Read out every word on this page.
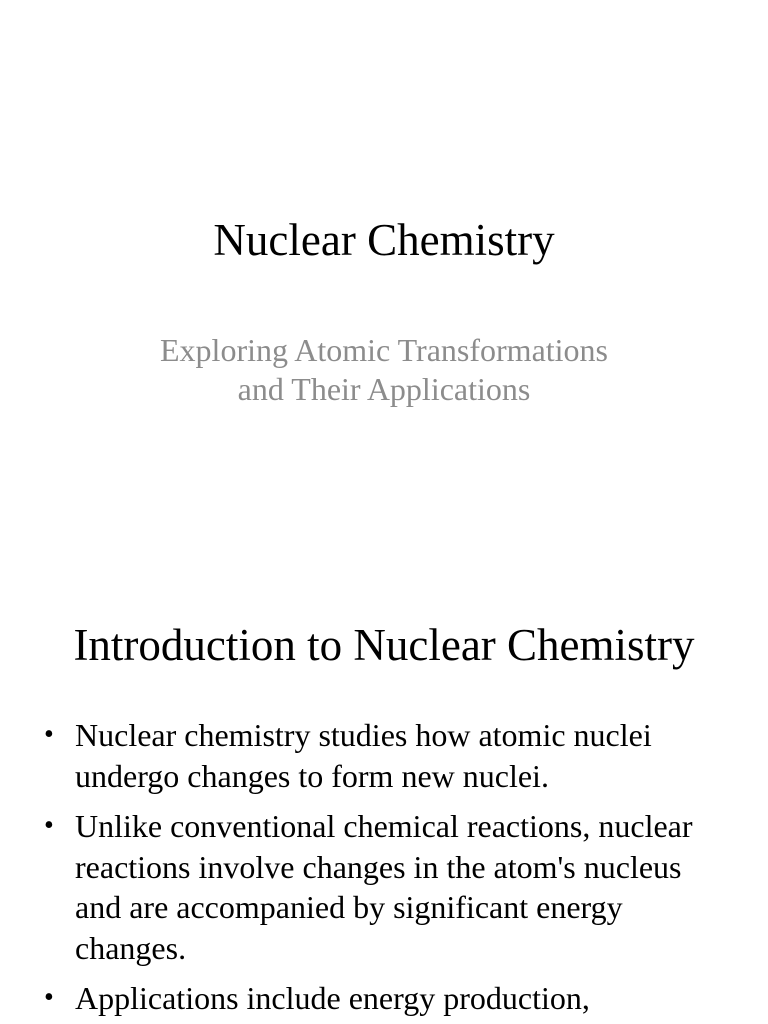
Nuclear Chemistry
Exploring Atomic Transformations
and Their Applications
Introduction to Nuclear Chemistry
• Nuclear chemistry studies how atomic nuclei undergo changes to form new nuclei.
• Unlike conventional chemical reactions, nuclear reactions involve changes in the atom's nucleus and are accompanied by significant energy changes.
• Applications include energy production,
